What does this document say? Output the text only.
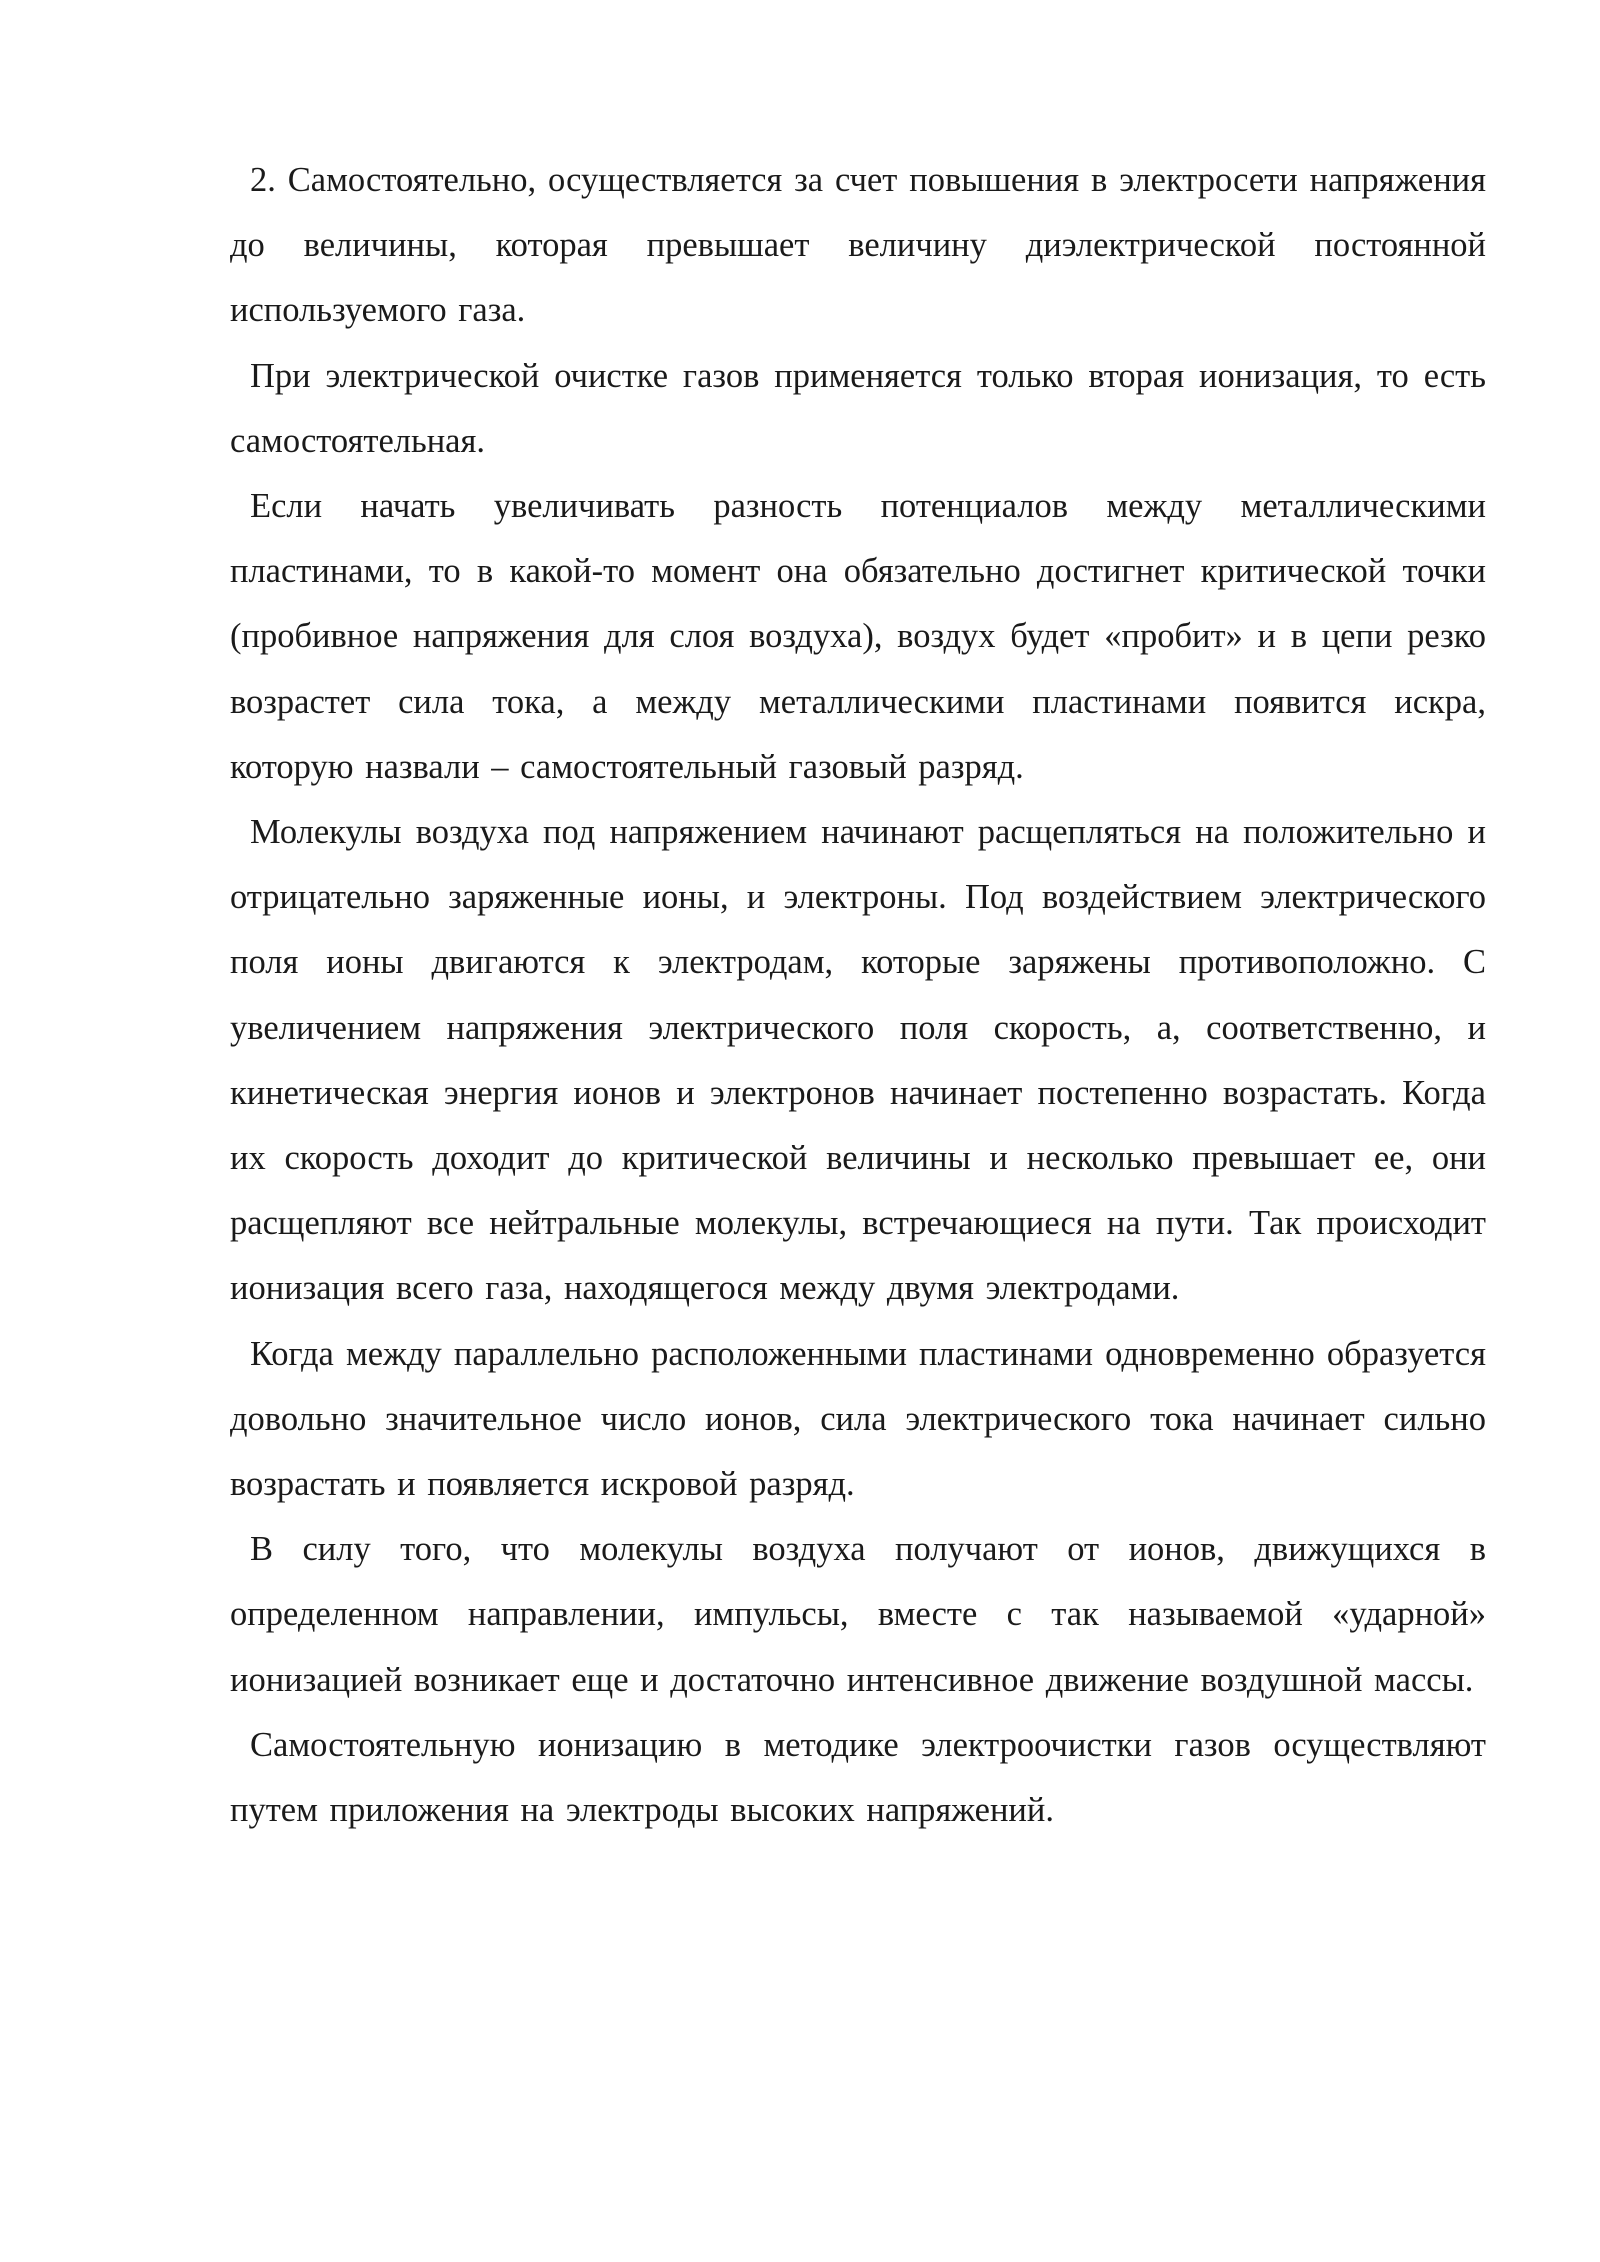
2. Самостоятельно, осуществляется за счет повышения в электросети напряжения до величины, которая превышает величину диэлектрической постоянной используемого газа.

При электрической очистке газов применяется только вторая ионизация, то есть самостоятельная.

Если начать увеличивать разность потенциалов между металлическими пластинами, то в какой-то момент она обязательно достигнет критической точки (пробивное напряжения для слоя воздуха), воздух будет «пробит» и в цепи резко возрастет сила тока, а между металлическими пластинами появится искра, которую назвали – самостоятельный газовый разряд.

Молекулы воздуха под напряжением начинают расщепляться на положительно и отрицательно заряженные ионы, и электроны. Под воздействием электрического поля ионы двигаются к электродам, которые заряжены противоположно. С увеличением напряжения электрического поля скорость, а, соответственно, и кинетическая энергия ионов и электронов начинает постепенно возрастать. Когда их скорость доходит до критической величины и несколько превышает ее, они расщепляют все нейтральные молекулы, встречающиеся на пути. Так происходит ионизация всего газа, находящегося между двумя электродами.

Когда между параллельно расположенными пластинами одновременно образуется довольно значительное число ионов, сила электрического тока начинает сильно возрастать и появляется искровой разряд.

В силу того, что молекулы воздуха получают от ионов, движущихся в определенном направлении, импульсы, вместе с так называемой «ударной» ионизацией возникает еще и достаточно интенсивное движение воздушной массы.

Самостоятельную ионизацию в методике электроочистки газов осуществляют путем приложения на электроды высоких напряжений.
